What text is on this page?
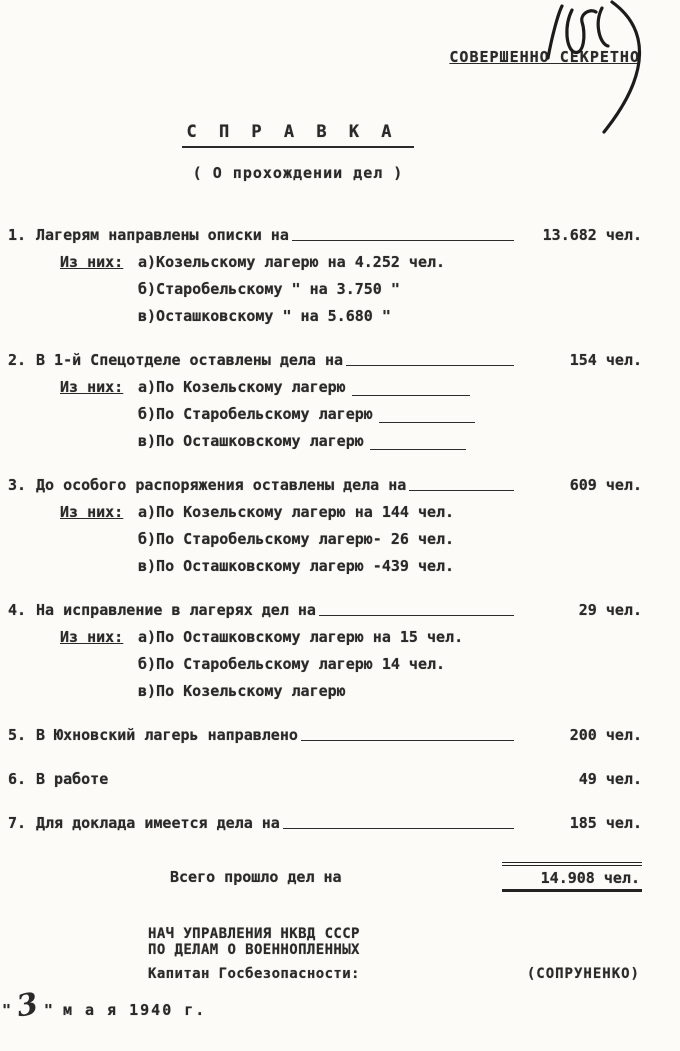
СОВЕРШЕННО СЕКРЕТНО
С П Р А В К А
( О прохождении дел )
1. Лагерям направлены описки на	13.682 чел.
Из них: а)Козельскому лагерю на 4.252 чел.
б)Старобельскому " на 3.750 "
в)Осташковскому " на 5.680 "
2. В 1-й Спецотделе оставлены дела на	154 чел.
Из них: а)По Козельскому лагерю
б)По Старобельскому лагерю
в)По Осташковскому лагерю
3. До особого распоряжения оставлены дела на	609 чел.
Из них: а)По Козельскому лагерю на 144 чел.
б)По Старобельскому лагерю- 26 чел.
в)По Осташковскому лагерю -439 чел.
4. На исправление в лагерях дел на	29 чел.
Из них: а)По Осташковскому лагерю на 15 чел.
б)По Старобельскому лагерю 14 чел.
в)По Козельскому лагерю
5. В Юхновский лагерь направлено	200 чел.
6. В работе	49 чел.
7. Для доклада имеется дела на	185 чел.
Всего прошло дел на	14.908 чел.
НАЧ УПРАВЛЕНИЯ НКВД СССР
ПО ДЕЛАМ О ВОЕННОПЛЕННЫХ
Капитан Госбезопасности:	(СОПРУНЕНКО)
" 3 " м а я 1940 г.
